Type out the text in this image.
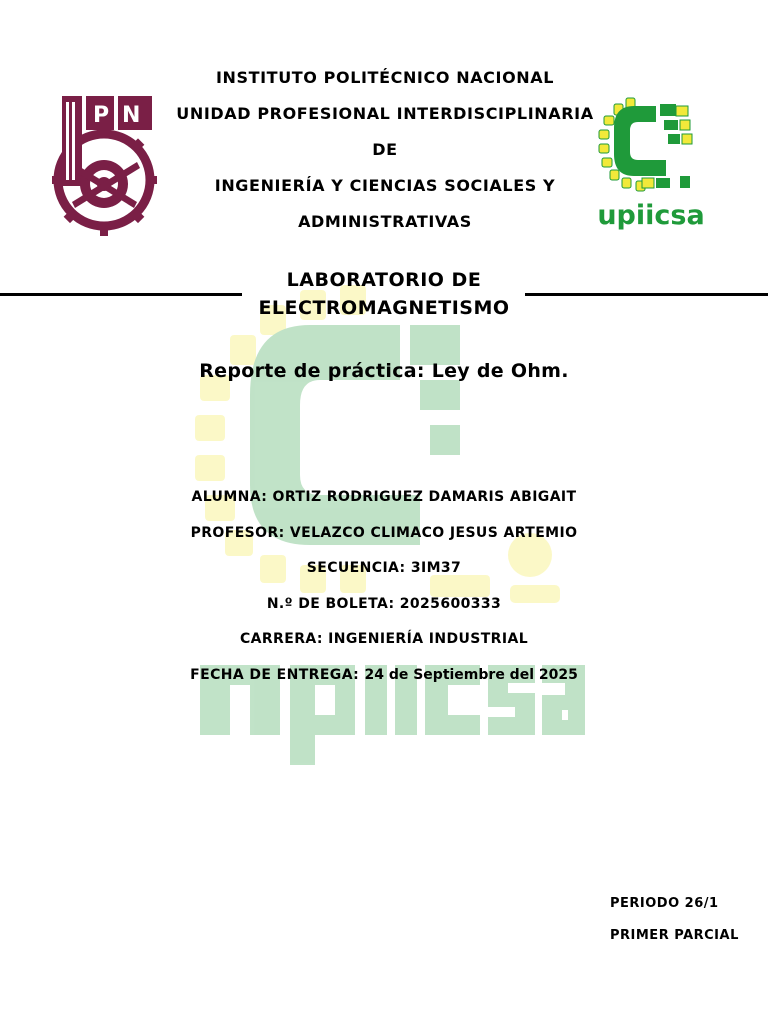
P N
upiicsa

INSTITUTO POLITÉCNICO NACIONAL

UNIDAD PROFESIONAL INTERDISCIPLINARIA DE

INGENIERÍA Y CIENCIAS SOCIALES Y

ADMINISTRATIVAS

LABORATORIO DE
ELECTROMAGNETISMO
Reporte de práctica: Ley de Ohm.
ALUMNA: ORTIZ RODRIGUEZ DAMARIS ABIGAIT
PROFESOR: VELAZCO CLIMACO JESUS ARTEMIO
SECUENCIA: 3IM37
N.º DE BOLETA: 2025600333
CARRERA: INGENIERÍA INDUSTRIAL
FECHA DE ENTREGA: 24 de Septiembre del 2025
PERIODO 26/1
PRIMER PARCIAL
